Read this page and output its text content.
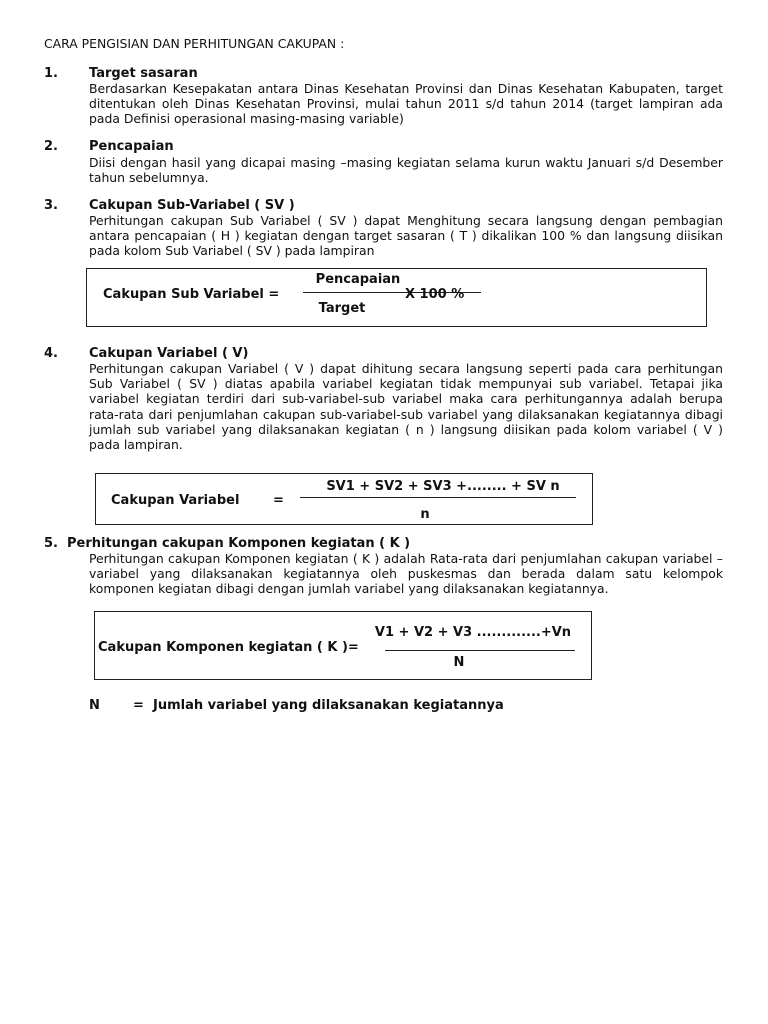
CARA PENGISIAN DAN PERHITUNGAN CAKUPAN :
1. Target sasaran

Berdasarkan Kesepakatan antara Dinas Kesehatan Provinsi dan Dinas Kesehatan Kabupaten, target ditentukan oleh Dinas Kesehatan Provinsi, mulai tahun 2011 s/d tahun 2014 (target lampiran ada pada Definisi operasional masing-masing variable)

2. Pencapaian

Diisi dengan hasil yang dicapai masing –masing kegiatan selama kurun waktu Januari s/d Desember tahun sebelumnya.

3. Cakupan Sub-Variabel ( SV )

Perhitungan cakupan Sub Variabel ( SV ) dapat Menghitung secara langsung dengan pembagian antara pencapaian ( H ) kegiatan dengan target sasaran ( T ) dikalikan 100 % dan langsung diisikan pada kolom Sub Variabel ( SV ) pada lampiran

Cakupan Sub Variabel =
Pencapaian
Target
X 100 %
4. Cakupan Variabel ( V)

Perhitungan cakupan Variabel ( V ) dapat dihitung secara langsung seperti pada cara perhitungan Sub Variabel ( SV ) diatas apabila variabel kegiatan tidak mempunyai sub variabel. Tetapai jika variabel kegiatan terdiri dari sub-variabel-sub variabel maka cara perhitungannya adalah berupa rata-rata dari penjumlahan cakupan sub-variabel-sub variabel yang dilaksanakan kegiatannya dibagi jumlah sub variabel yang dilaksanakan kegiatan ( n ) langsung diisikan pada kolom variabel ( V ) pada lampiran.

Cakupan Variabel	=
SV1 + SV2 + SV3 +........ + SV n
n
5. Perhitungan cakupan Komponen kegiatan ( K )

Perhitungan cakupan Komponen kegiatan ( K ) adalah Rata-rata dari penjumlahan cakupan variabel –variabel yang dilaksanakan kegiatannya oleh puskesmas dan berada dalam satu kelompok komponen kegiatan dibagi dengan jumlah variabel yang dilaksanakan kegiatannya.

Cakupan Komponen kegiatan ( K )=
V1 + V2 + V3 .............+Vn
N
N	= Jumlah variabel yang dilaksanakan kegiatannya
